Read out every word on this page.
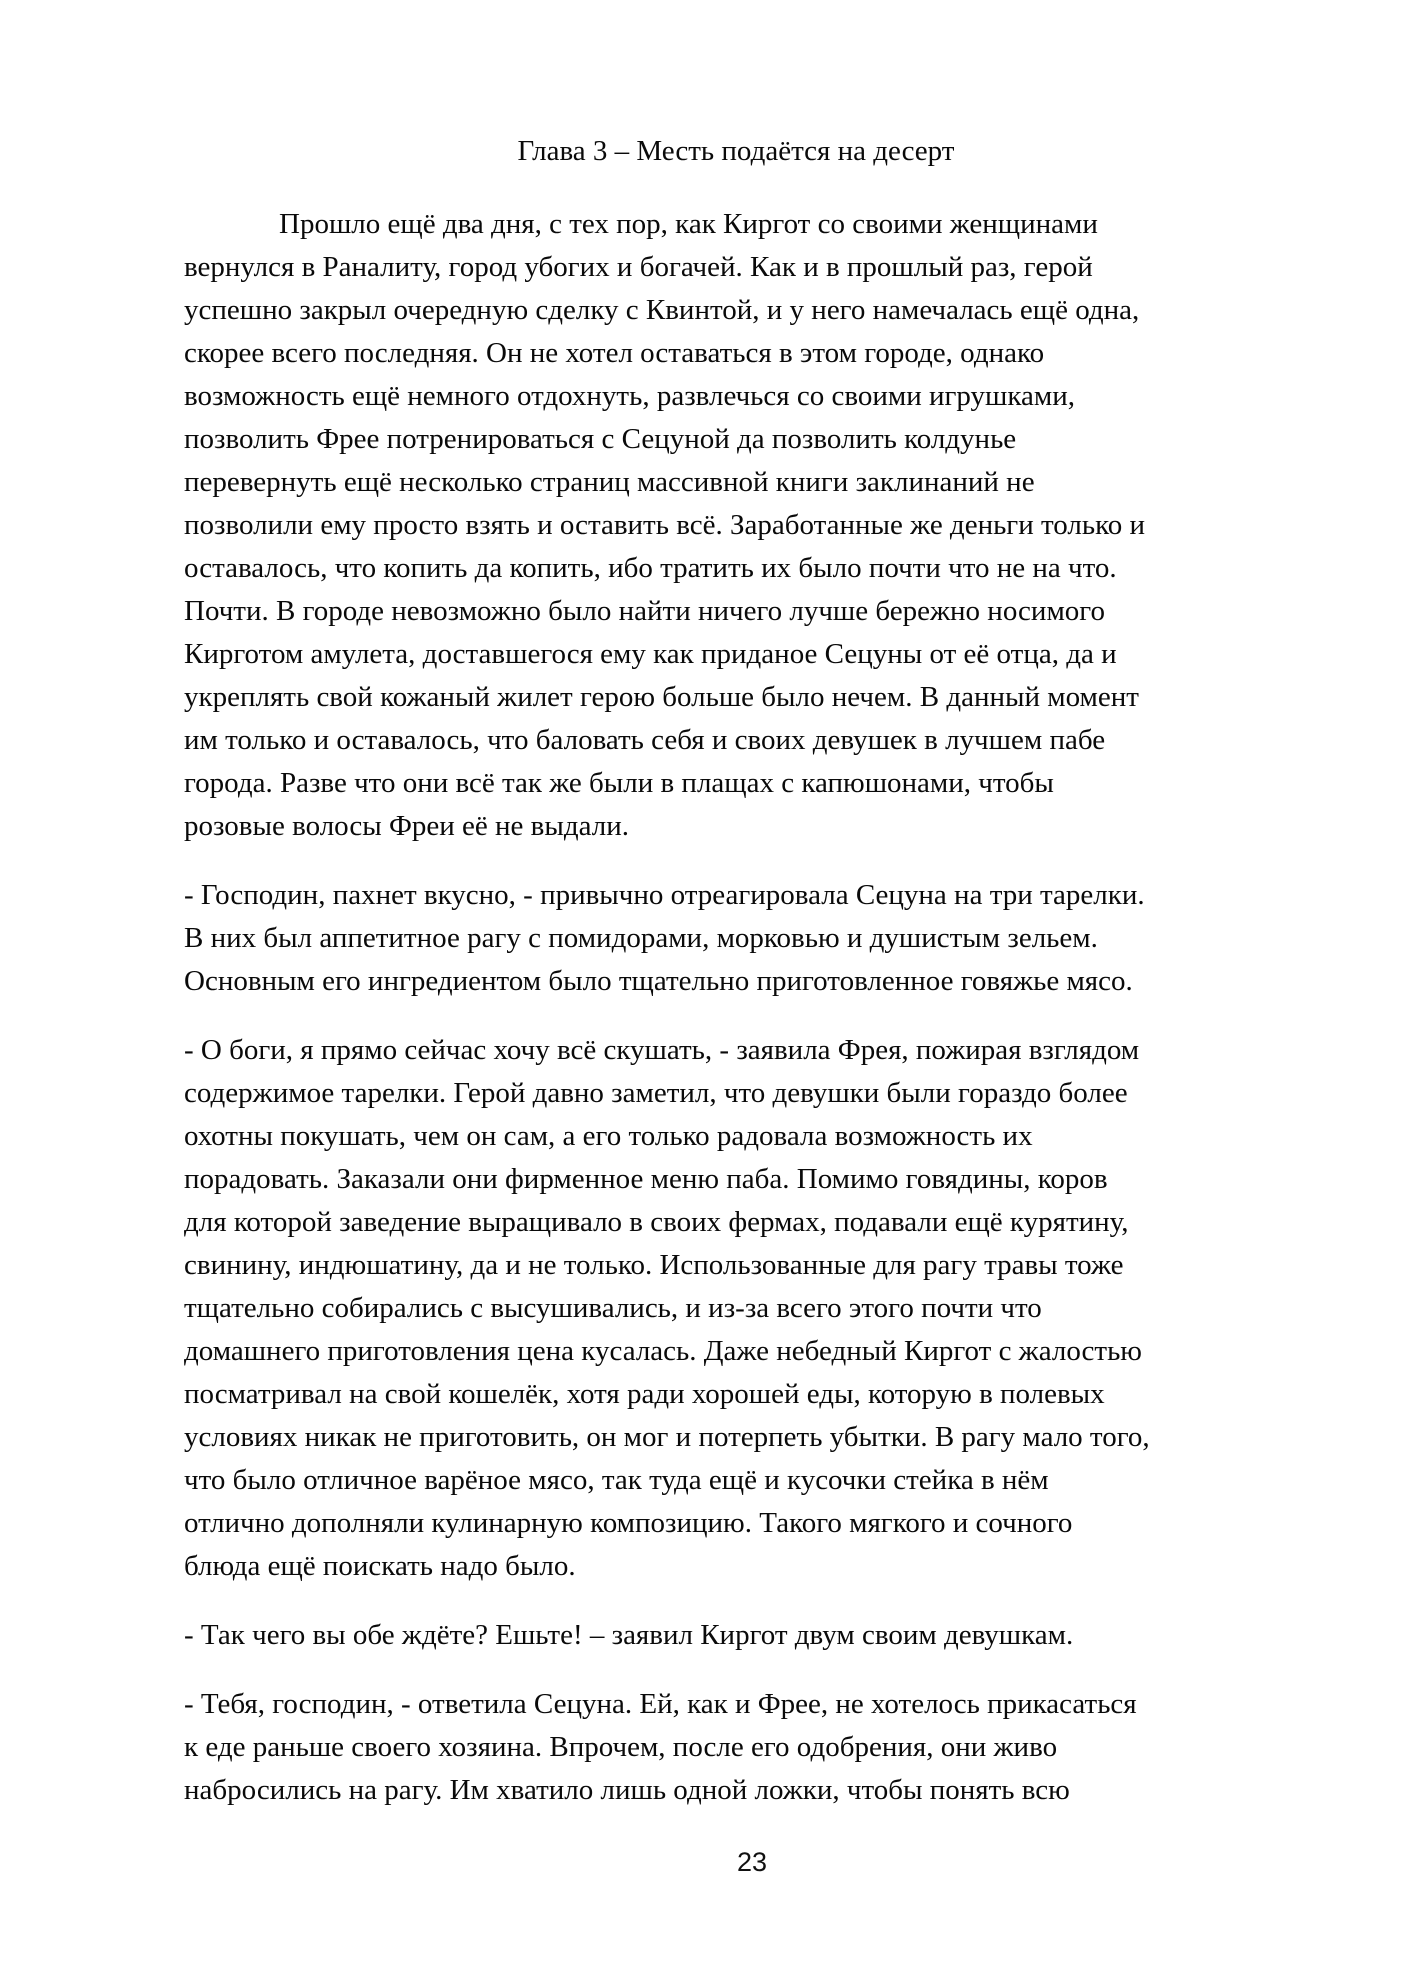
Глава 3 – Месть подаётся на десерт
Прошло ещё два дня, с тех пор, как Киргот со своими женщинами
вернулся в Раналиту, город убогих и богачей. Как и в прошлый раз, герой
успешно закрыл очередную сделку с Квинтой, и у него намечалась ещё одна,
скорее всего последняя. Он не хотел оставаться в этом городе, однако
возможность ещё немного отдохнуть, развлечься со своими игрушками,
позволить Фрее потренироваться с Сецуной да позволить колдунье
перевернуть ещё несколько страниц массивной книги заклинаний не
позволили ему просто взять и оставить всё. Заработанные же деньги только и
оставалось, что копить да копить, ибо тратить их было почти что не на что.
Почти. В городе невозможно было найти ничего лучше бережно носимого
Кирготом амулета, доставшегося ему как приданое Сецуны от её отца, да и
укреплять свой кожаный жилет герою больше было нечем. В данный момент
им только и оставалось, что баловать себя и своих девушек в лучшем пабе
города. Разве что они всё так же были в плащах с капюшонами, чтобы
розовые волосы Фреи её не выдали.
- Господин, пахнет вкусно, - привычно отреагировала Сецуна на три тарелки.
В них был аппетитное рагу с помидорами, морковью и душистым зельем.
Основным его ингредиентом было тщательно приготовленное говяжье мясо.
- О боги, я прямо сейчас хочу всё скушать, - заявила Фрея, пожирая взглядом
содержимое тарелки. Герой давно заметил, что девушки были гораздо более
охотны покушать, чем он сам, а его только радовала возможность их
порадовать. Заказали они фирменное меню паба. Помимо говядины, коров
для которой заведение выращивало в своих фермах, подавали ещё курятину,
свинину, индюшатину, да и не только. Использованные для рагу травы тоже
тщательно собирались с высушивались, и из-за всего этого почти что
домашнего приготовления цена кусалась. Даже небедный Киргот с жалостью
посматривал на свой кошелёк, хотя ради хорошей еды, которую в полевых
условиях никак не приготовить, он мог и потерпеть убытки. В рагу мало того,
что было отличное варёное мясо, так туда ещё и кусочки стейка в нём
отлично дополняли кулинарную композицию. Такого мягкого и сочного
блюда ещё поискать надо было.
- Так чего вы обе ждёте? Ешьте! – заявил Киргот двум своим девушкам.
- Тебя, господин, - ответила Сецуна. Ей, как и Фрее, не хотелось прикасаться
к еде раньше своего хозяина. Впрочем, после его одобрения, они живо
набросились на рагу. Им хватило лишь одной ложки, чтобы понять всю
23
